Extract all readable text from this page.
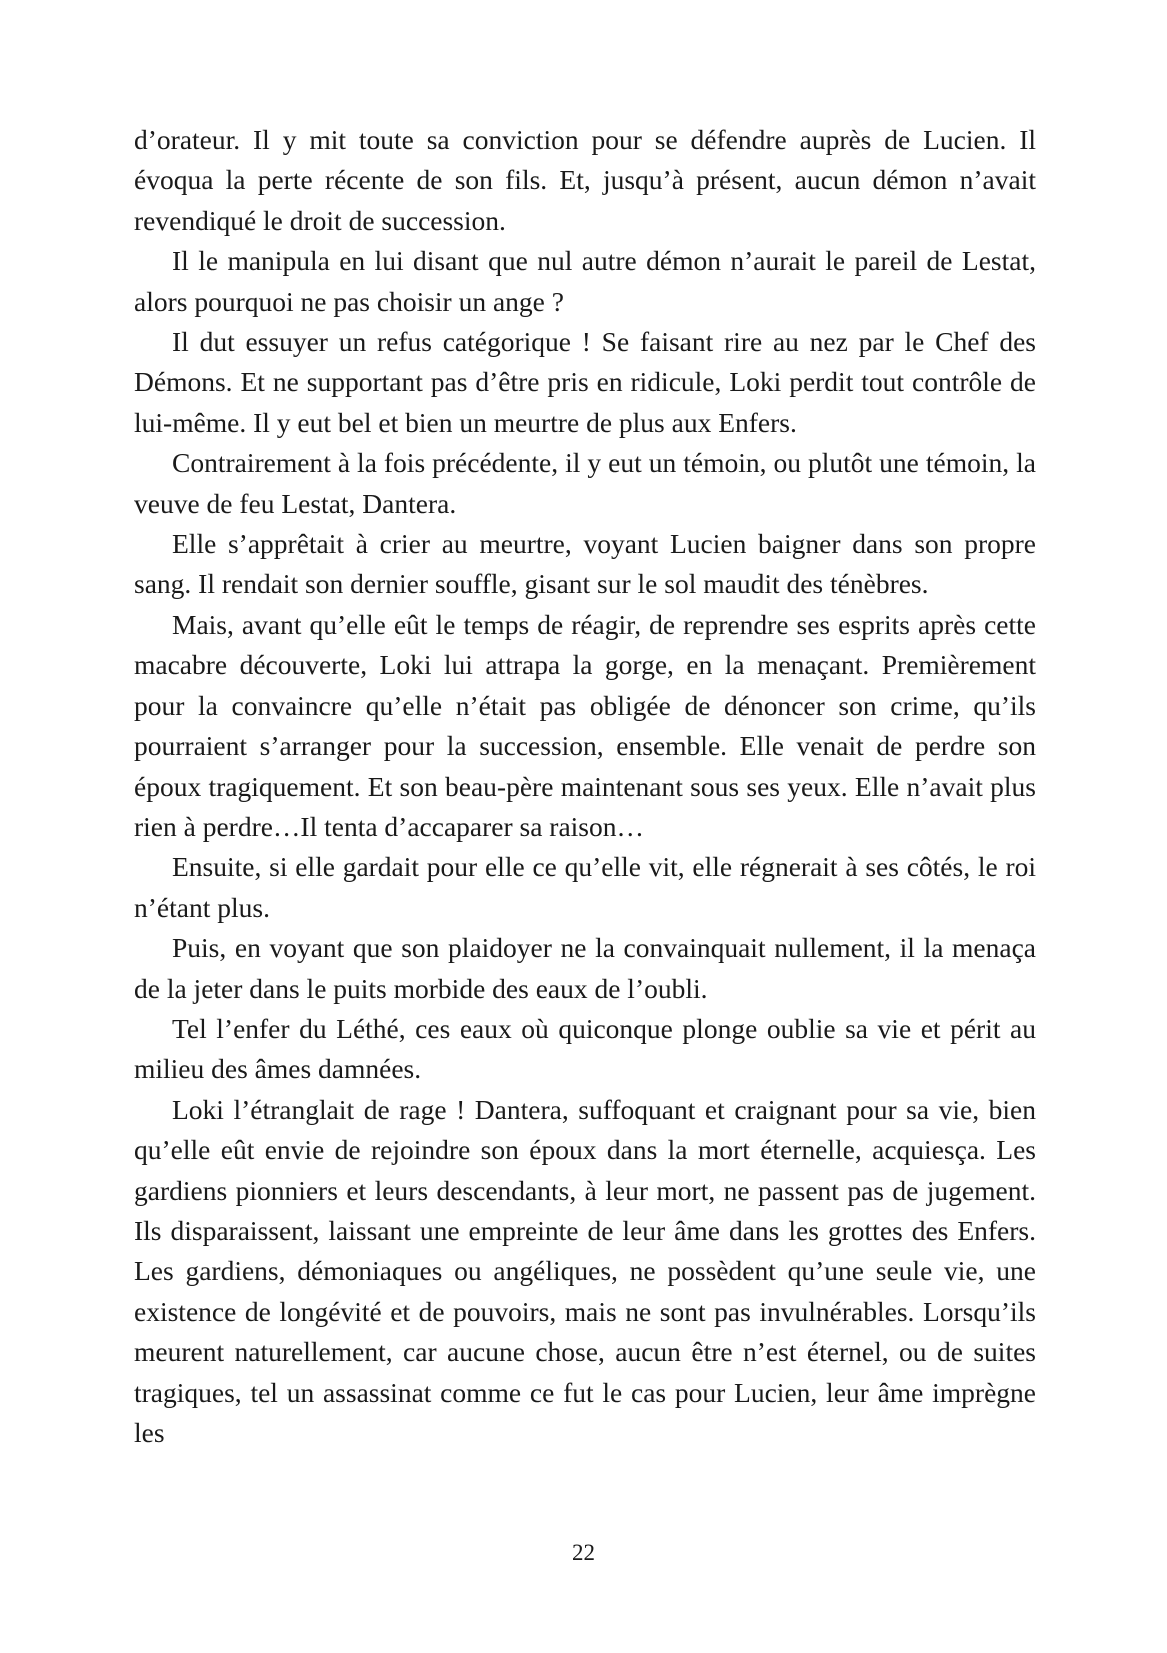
d’orateur. Il y mit toute sa conviction pour se défendre auprès de Lucien. Il évoqua la perte récente de son fils. Et, jusqu’à présent, aucun démon n’avait revendiqué le droit de succession.

Il le manipula en lui disant que nul autre démon n’aurait le pareil de Lestat, alors pourquoi ne pas choisir un ange ?

Il dut essuyer un refus catégorique ! Se faisant rire au nez par le Chef des Démons. Et ne supportant pas d’être pris en ridicule, Loki perdit tout contrôle de lui-même. Il y eut bel et bien un meurtre de plus aux Enfers.

Contrairement à la fois précédente, il y eut un témoin, ou plutôt une témoin, la veuve de feu Lestat, Dantera.

Elle s’apprêtait à crier au meurtre, voyant Lucien baigner dans son propre sang. Il rendait son dernier souffle, gisant sur le sol maudit des ténèbres.

Mais, avant qu’elle eût le temps de réagir, de reprendre ses esprits après cette macabre découverte, Loki lui attrapa la gorge, en la menaçant. Premièrement pour la convaincre qu’elle n’était pas obligée de dénoncer son crime, qu’ils pourraient s’arranger pour la succession, ensemble. Elle venait de perdre son époux tragiquement. Et son beau-père maintenant sous ses yeux. Elle n’avait plus rien à perdre…Il tenta d’accaparer sa raison…

Ensuite, si elle gardait pour elle ce qu’elle vit, elle régnerait à ses côtés, le roi n’étant plus.

Puis, en voyant que son plaidoyer ne la convainquait nullement, il la menaça de la jeter dans le puits morbide des eaux de l’oubli.

Tel l’enfer du Léthé, ces eaux où quiconque plonge oublie sa vie et périt au milieu des âmes damnées.

Loki l’étranglait de rage ! Dantera, suffoquant et craignant pour sa vie, bien qu’elle eût envie de rejoindre son époux dans la mort éternelle, acquiesça. Les gardiens pionniers et leurs descendants, à leur mort, ne passent pas de jugement. Ils disparaissent, laissant une empreinte de leur âme dans les grottes des Enfers. Les gardiens, démoniaques ou angéliques, ne possèdent qu’une seule vie, une existence de longévité et de pouvoirs, mais ne sont pas invulnérables. Lorsqu’ils meurent naturellement, car aucune chose, aucun être n’est éternel, ou de suites tragiques, tel un assassinat comme ce fut le cas pour Lucien, leur âme imprègne les

22
